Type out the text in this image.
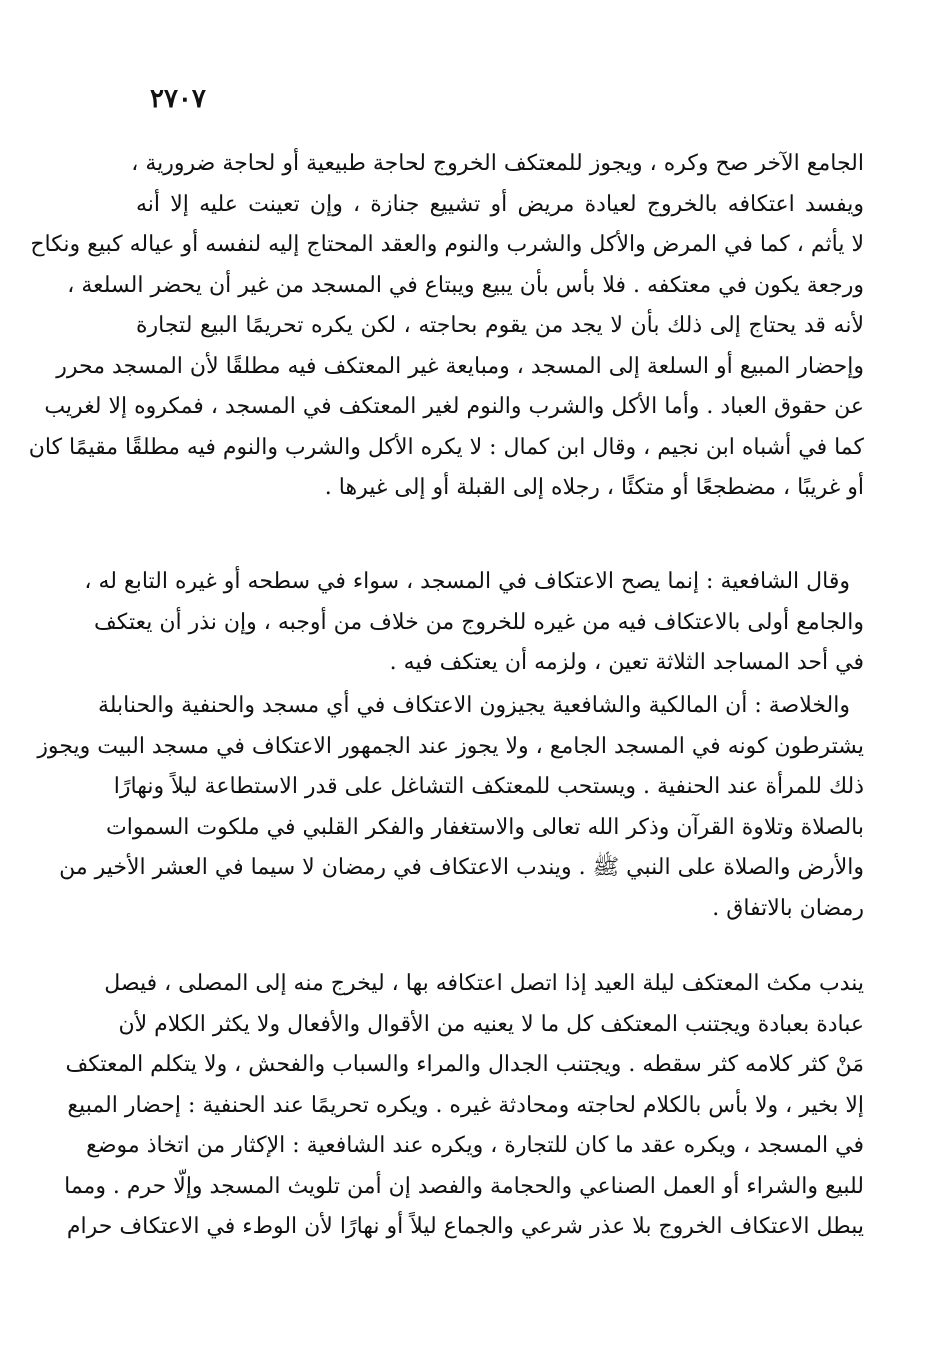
٢٧٠٧
الجامع الآخر صح وكره ، ويجوز للمعتكف الخروج لحاجة طبيعية أو لحاجة ضرورية ،
ويفسد اعتكافه بالخروج لعيادة مريض أو تشييع جنازة ، وإن تعينت عليه إلا أنه
لا يأثم ، كما في المرض والأكل والشرب والنوم والعقد المحتاج إليه لنفسه أو عياله كبيع ونكاح
ورجعة يكون في معتكفه . فلا بأس بأن يبيع ويبتاع في المسجد من غير أن يحضر السلعة ،
لأنه قد يحتاج إلى ذلك بأن لا يجد من يقوم بحاجته ، لكن يكره تحريمًا البيع لتجارة
وإحضار المبيع أو السلعة إلى المسجد ، ومبايعة غير المعتكف فيه مطلقًا لأن المسجد محرر
عن حقوق العباد . وأما الأكل والشرب والنوم لغير المعتكف في المسجد ، فمكروه إلا لغريب
كما في أشباه ابن نجيم ، وقال ابن كمال : لا يكره الأكل والشرب والنوم فيه مطلقًا مقيمًا كان
أو غريبًا ، مضطجعًا أو متكئًا ، رجلاه إلى القبلة أو إلى غيرها .
وقال الشافعية : إنما يصح الاعتكاف في المسجد ، سواء في سطحه أو غيره التابع له ،
والجامع أولى بالاعتكاف فيه من غيره للخروج من خلاف من أوجبه ، وإن نذر أن يعتكف
في أحد المساجد الثلاثة تعين ، ولزمه أن يعتكف فيه .
والخلاصة : أن المالكية والشافعية يجيزون الاعتكاف في أي مسجد والحنفية والحنابلة
يشترطون كونه في المسجد الجامع ، ولا يجوز عند الجمهور الاعتكاف في مسجد البيت ويجوز
ذلك للمرأة عند الحنفية . ويستحب للمعتكف التشاغل على قدر الاستطاعة ليلاً ونهارًا
بالصلاة وتلاوة القرآن وذكر الله تعالى والاستغفار والفكر القلبي في ملكوت السموات
والأرض والصلاة على النبي ﷺ . ويندب الاعتكاف في رمضان لا سيما في العشر الأخير من
رمضان بالاتفاق .
يندب مكث المعتكف ليلة العيد إذا اتصل اعتكافه بها ، ليخرج منه إلى المصلى ، فيصل
عبادة بعبادة ويجتنب المعتكف كل ما لا يعنيه من الأقوال والأفعال ولا يكثر الكلام لأن
مَنْ كثر كلامه كثر سقطه . ويجتنب الجدال والمراء والسباب والفحش ، ولا يتكلم المعتكف
إلا بخير ، ولا بأس بالكلام لحاجته ومحادثة غيره . ويكره تحريمًا عند الحنفية : إحضار المبيع
في المسجد ، ويكره عقد ما كان للتجارة ، ويكره عند الشافعية : الإكثار من اتخاذ موضع
للبيع والشراء أو العمل الصناعي والحجامة والفصد إن أمن تلويث المسجد وإلّا حرم . ومما
يبطل الاعتكاف الخروج بلا عذر شرعي والجماع ليلاً أو نهارًا لأن الوطء في الاعتكاف حرام
